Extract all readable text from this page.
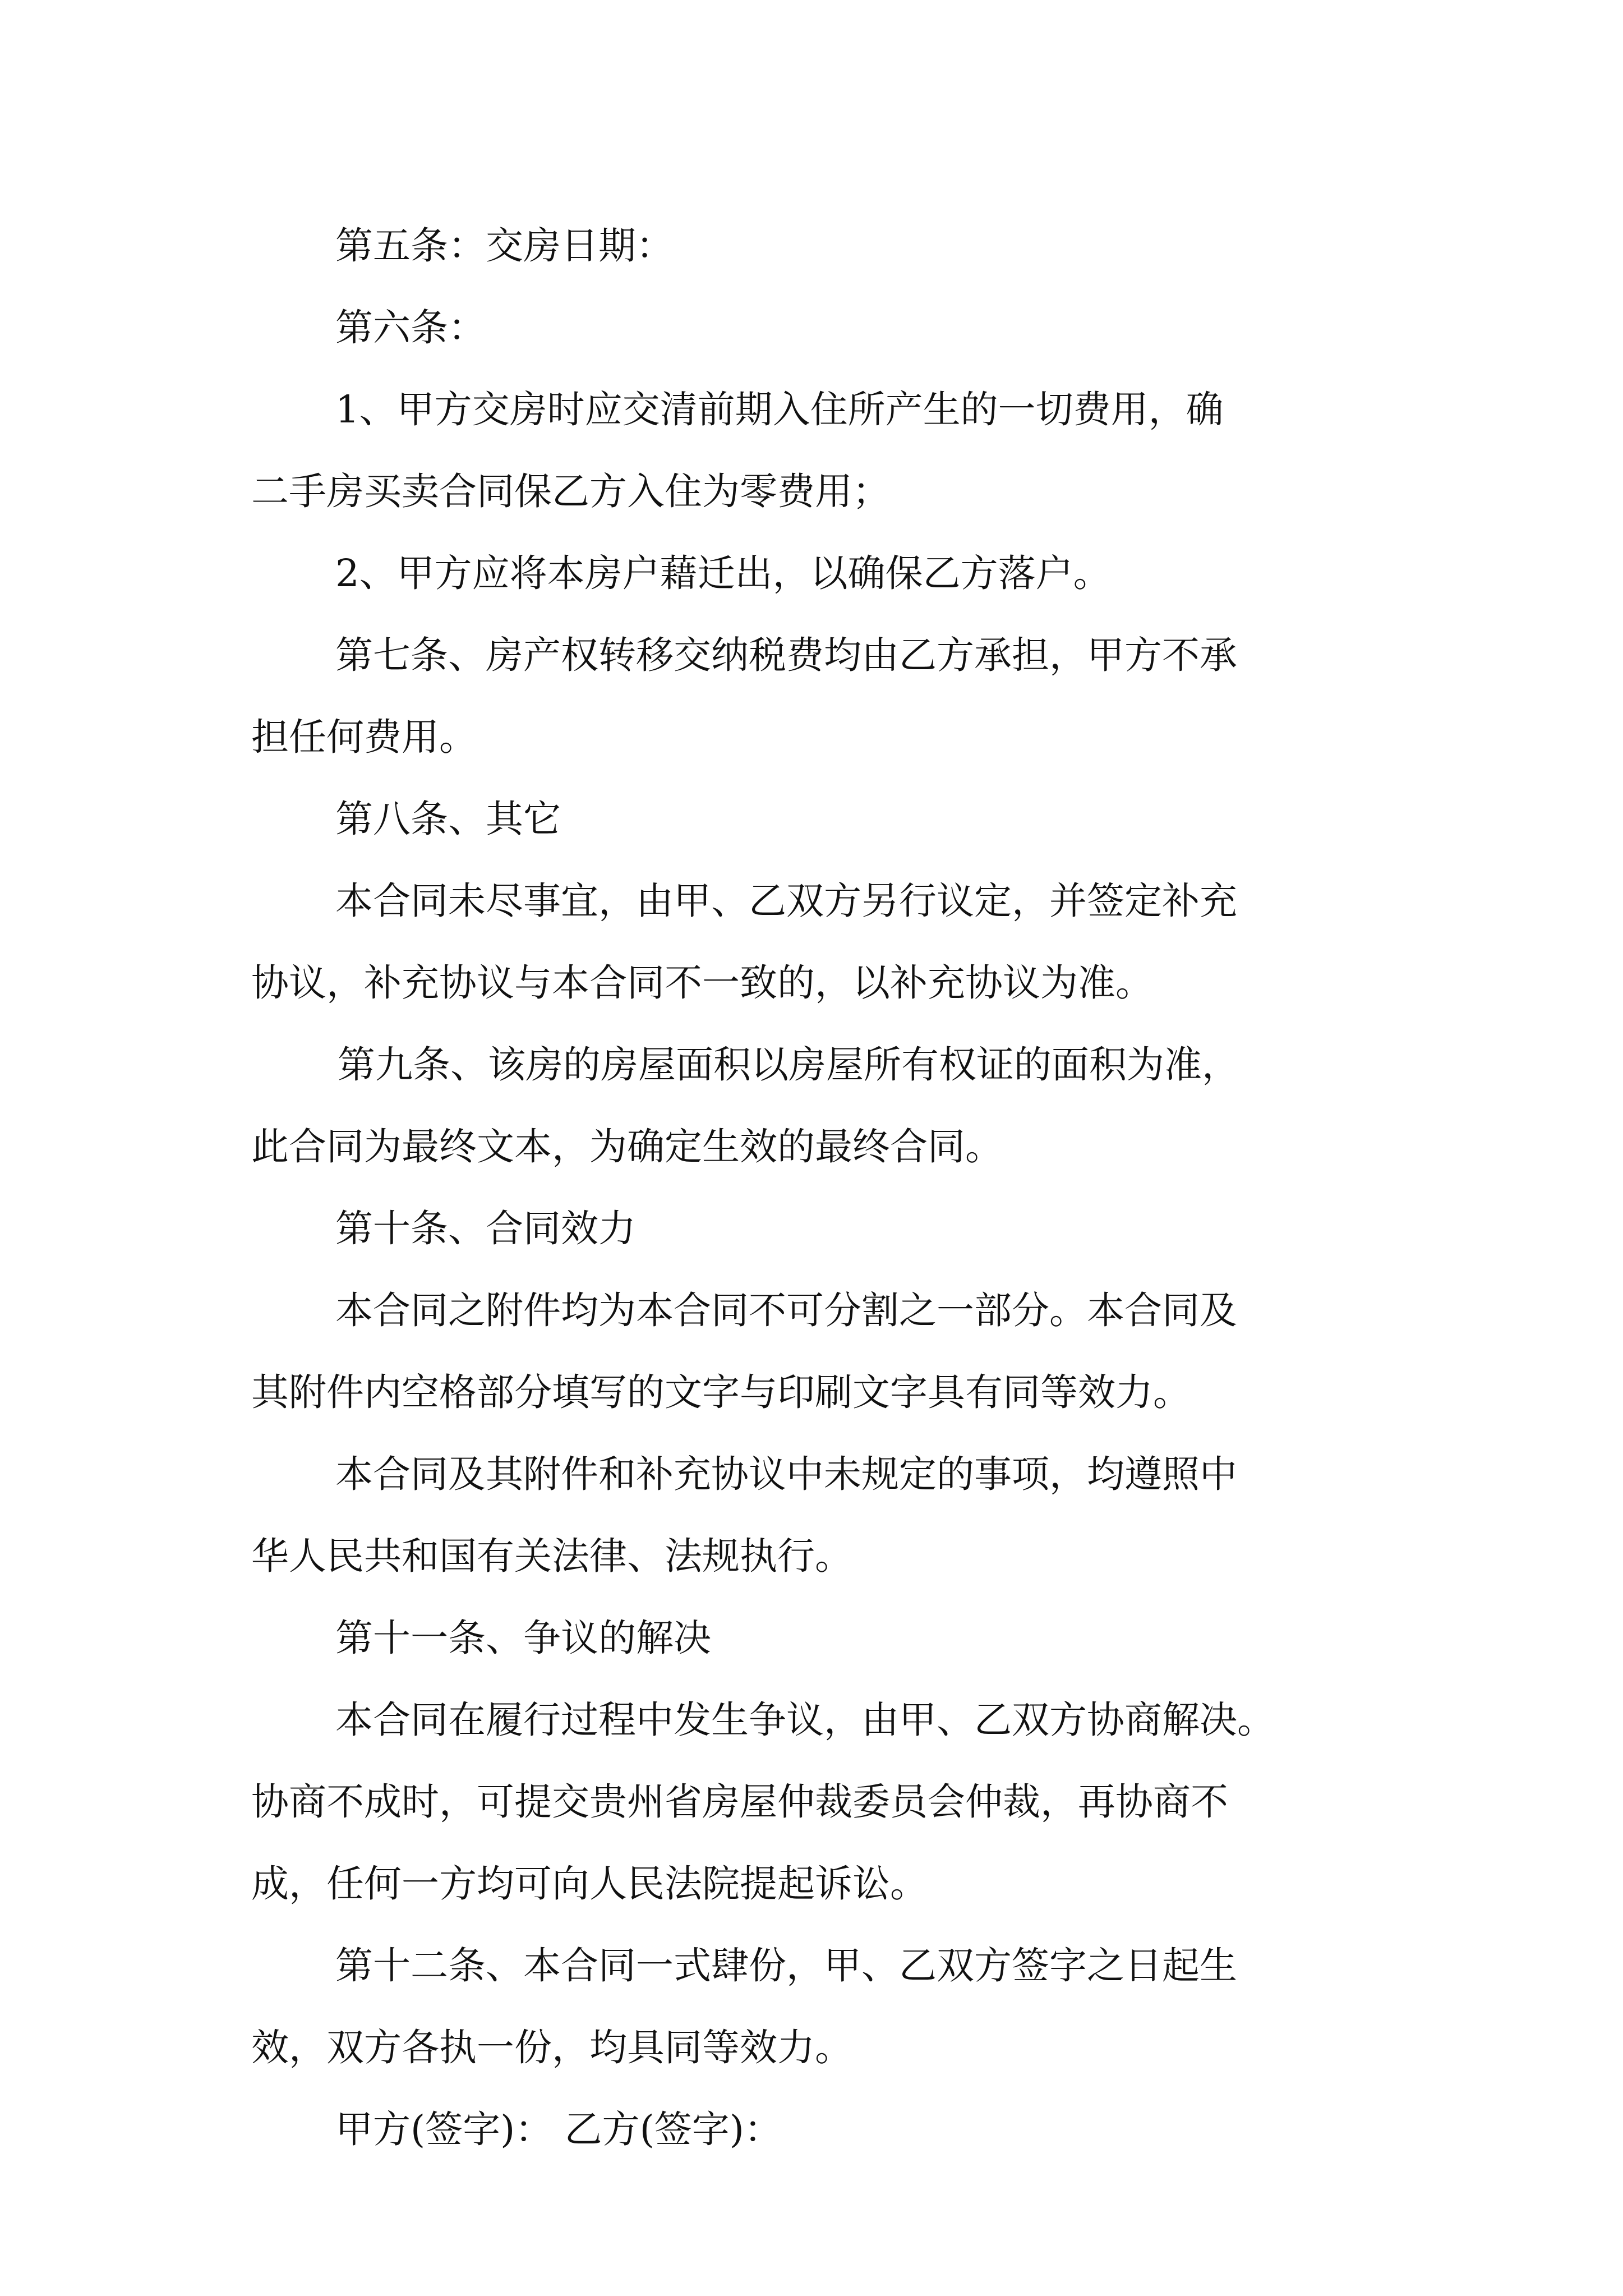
第五条：交房日期：
第六条：
1、甲方交房时应交清前期入住所产生的一切费用，确
二手房买卖合同保乙方入住为零费用；
2、甲方应将本房户藉迁出，以确保乙方落户。
第七条、房产权转移交纳税费均由乙方承担，甲方不承
担任何费用。
第八条、其它
本合同未尽事宜，由甲、乙双方另行议定，并签定补充
协议，补充协议与本合同不一致的，以补充协议为准。
第九条、该房的房屋面积以房屋所有权证的面积为准，
此合同为最终文本，为确定生效的最终合同。
第十条、合同效力
本合同之附件均为本合同不可分割之一部分。本合同及
其附件内空格部分填写的文字与印刷文字具有同等效力。
本合同及其附件和补充协议中未规定的事项，均遵照中
华人民共和国有关法律、法规执行。
第十一条、争议的解决
本合同在履行过程中发生争议，由甲、乙双方协商解决。
协商不成时，可提交贵州省房屋仲裁委员会仲裁，再协商不
成，任何一方均可向人民法院提起诉讼。
第十二条、本合同一式肆份，甲、乙双方签字之日起生
效，双方各执一份，均具同等效力。
甲方(签字)： 乙方(签字)：
